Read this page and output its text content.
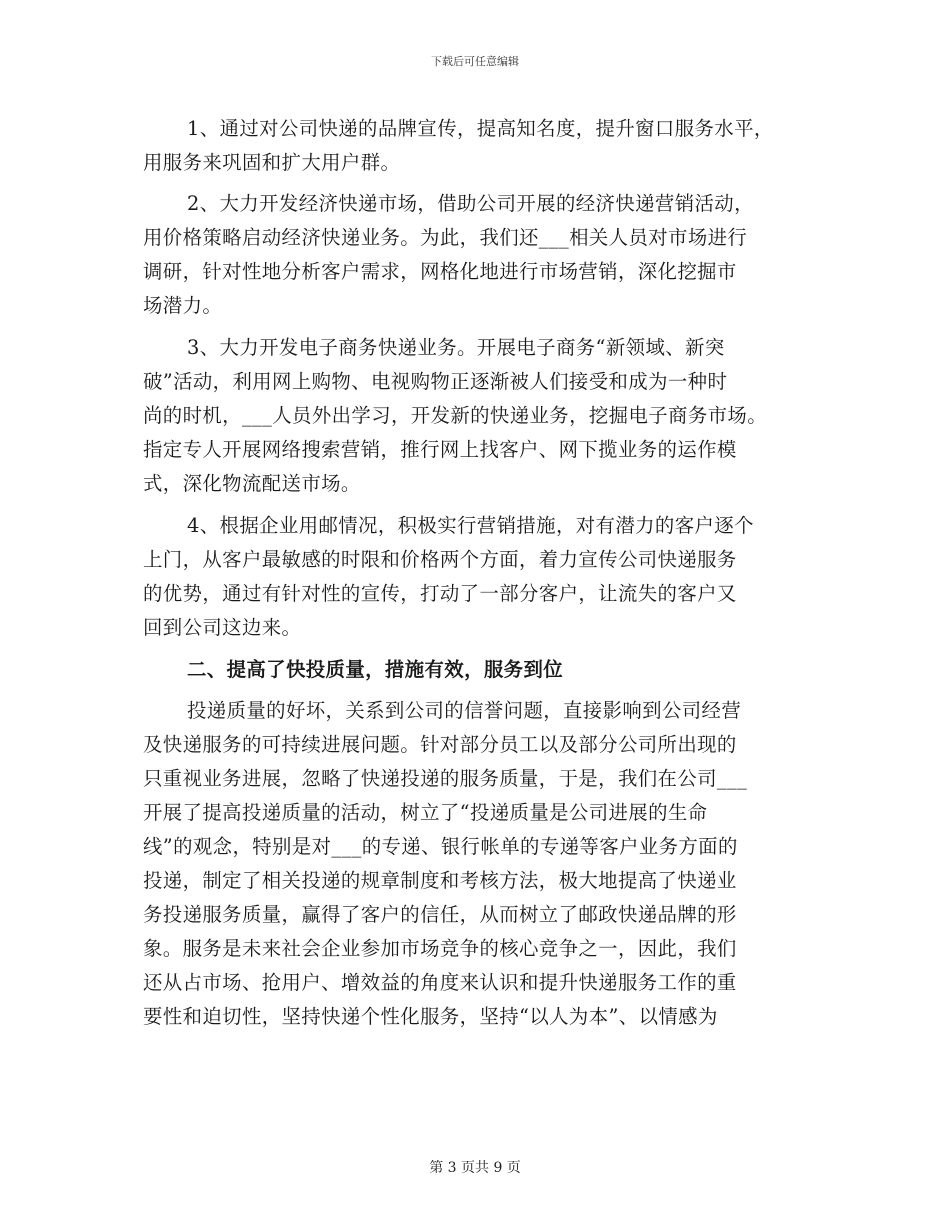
下载后可任意编辑
1、通过对公司快递的品牌宣传，提高知名度，提升窗口服务水平，
用服务来巩固和扩大用户群。
2、大力开发经济快递市场，借助公司开展的经济快递营销活动，
用价格策略启动经济快递业务。为此，我们还___相关人员对市场进行
调研，针对性地分析客户需求，网格化地进行市场营销，深化挖掘市
场潜力。
3、大力开发电子商务快递业务。开展电子商务“新领域、新突
破”活动，利用网上购物、电视购物正逐渐被人们接受和成为一种时
尚的时机，___人员外出学习，开发新的快递业务，挖掘电子商务市场。
指定专人开展网络搜索营销，推行网上找客户、网下揽业务的运作模
式，深化物流配送市场。
4、根据企业用邮情况，积极实行营销措施，对有潜力的客户逐个
上门，从客户最敏感的时限和价格两个方面，着力宣传公司快递服务
的优势，通过有针对性的宣传，打动了一部分客户，让流失的客户又
回到公司这边来。
二、提高了快投质量，措施有效，服务到位
投递质量的好坏，关系到公司的信誉问题，直接影响到公司经营
及快递服务的可持续进展问题。针对部分员工以及部分公司所出现的
只重视业务进展，忽略了快递投递的服务质量，于是，我们在公司___
开展了提高投递质量的活动，树立了“投递质量是公司进展的生命
线”的观念，特别是对___的专递、银行帐单的专递等客户业务方面的
投递，制定了相关投递的规章制度和考核方法，极大地提高了快递业
务投递服务质量，赢得了客户的信任，从而树立了邮政快递品牌的形
象。服务是未来社会企业参加市场竞争的核心竞争之一，因此，我们
还从占市场、抢用户、增效益的角度来认识和提升快递服务工作的重
要性和迫切性，坚持快递个性化服务，坚持“以人为本”、以情感为
第 3 页共 9 页
